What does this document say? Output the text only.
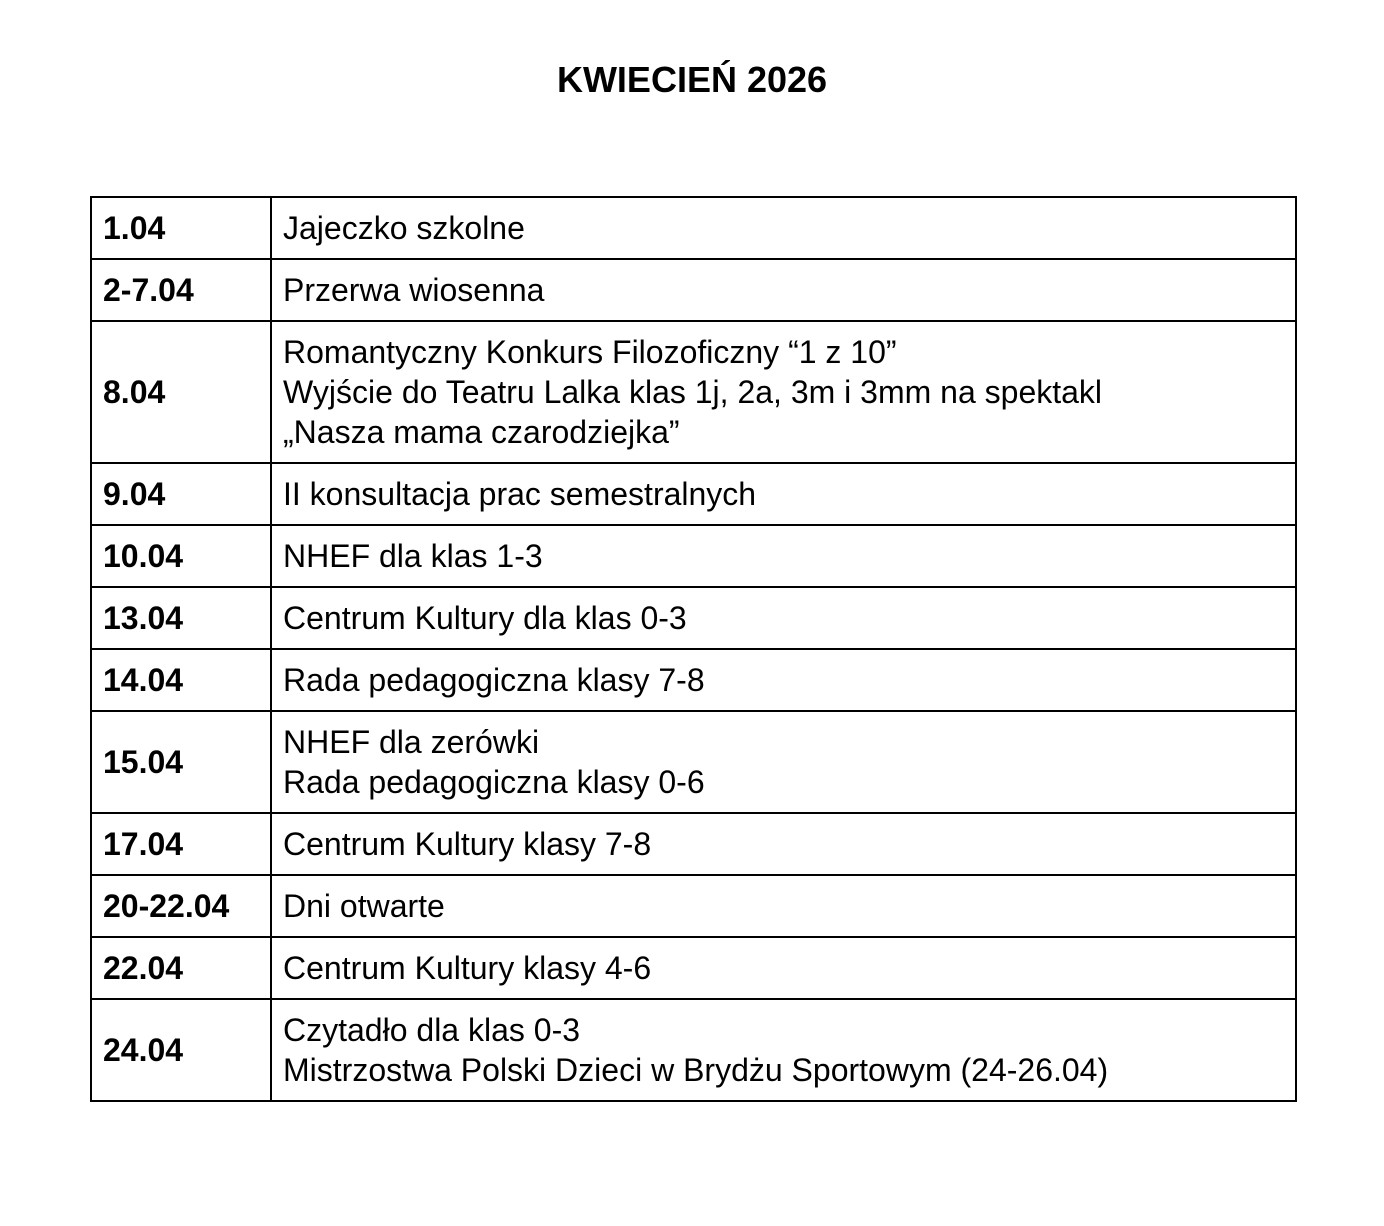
KWIECIEŃ 2026
1.04	Jajeczko szkolne

2-7.04	Przerwa wiosenna

8.04	Romantyczny Konkurs Filozoficzny “1 z 10”
Wyjście do Teatru Lalka klas 1j, 2a, 3m i 3mm na spektakl
„Nasza mama czarodziejka”

9.04	II konsultacja prac semestralnych

10.04	NHEF dla klas 1-3

13.04	Centrum Kultury dla klas 0-3

14.04	Rada pedagogiczna klasy 7-8

15.04	NHEF dla zerówki
Rada pedagogiczna klasy 0-6

17.04	Centrum Kultury klasy 7-8

20-22.04	Dni otwarte

22.04	Centrum Kultury klasy 4-6

24.04	Czytadło dla klas 0-3
Mistrzostwa Polski Dzieci w Brydżu Sportowym (24-26.04)
